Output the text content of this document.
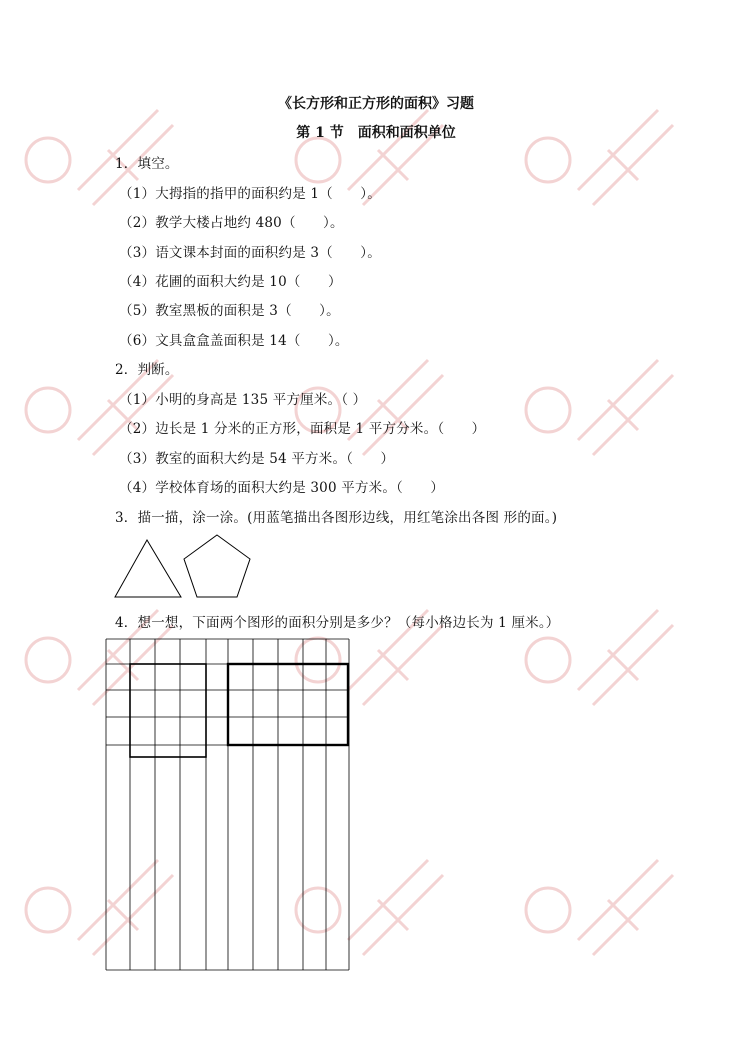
《长方形和正方形的面积》习题
第 1 节　面积和面积单位
1．填空。
（1）大拇指的指甲的面积约是 1（　　）。
（2）教学大楼占地约 480（　　）。
（3）语文课本封面的面积约是 3（　　）。
（4）花圃的面积大约是 10（　　）
（5）教室黑板的面积是 3（　　）。
（6）文具盒盒盖面积是 14（　　）。
2．判断。
（1）小明的身高是 135 平方厘米。（ ）
（2）边长是 1 分米的正方形，面积是 1 平方分米。（　　）
（3）教室的面积大约是 54 平方米。（　　）
（4）学校体育场的面积大约是 300 平方米。（　　）
3．描一描，涂一涂。(用蓝笔描出各图形边线，用红笔涂出各图 形的面。)
4．想一想，下面两个图形的面积分别是多少？（每小格边长为 1 厘米。）
